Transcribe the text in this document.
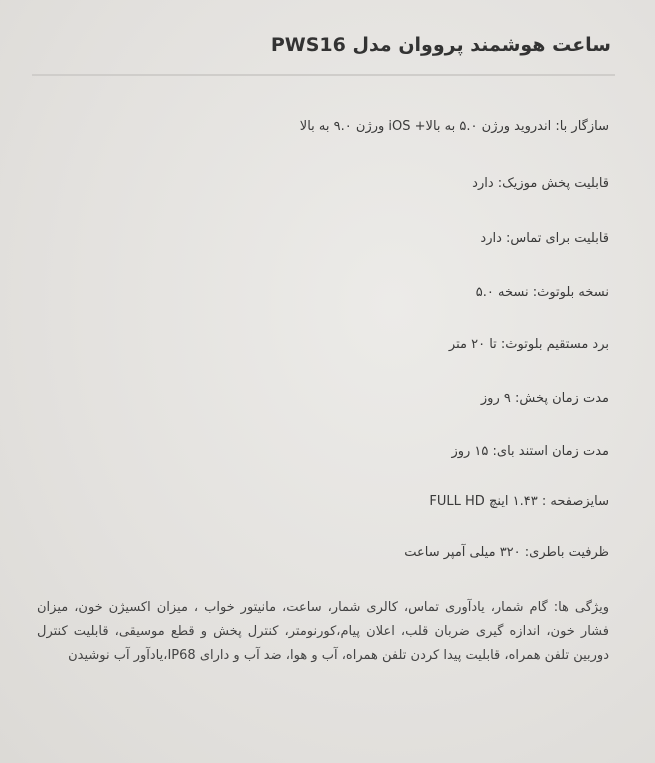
ساعت هوشمند پرووان مدل PWS16
سازگار با: اندروید ورژن ۵.۰ به بالا+ iOS ورژن ۹.۰ به بالا
قابلیت پخش موزیک: دارد
قابلیت برای تماس: دارد
نسخه بلوتوث: نسخه ۵.۰
برد مستقیم بلوتوث: تا ۲۰ متر
مدت زمان پخش: ۹ روز
مدت زمان استند بای: ۱۵ روز
سایزصفحه : ۱.۴۳ اینچ FULL HD
ظرفیت باطری: ۳۲۰ میلی آمپر ساعت
ویژگی ها: گام شمار، یادآوری تماس، کالری شمار، ساعت، مانیتور خواب ، میزان اکسیژن خون، میزان فشار خون، اندازه گیری ضربان قلب، اعلان پیام،کورنومتر، کنترل پخش و قطع موسیقی، قابلیت کنترل دوربین تلفن همراه، قابلیت پیدا کردن تلفن همراه، آب و هوا، ضد آب و دارای IP68،یادآور آب نوشیدن
